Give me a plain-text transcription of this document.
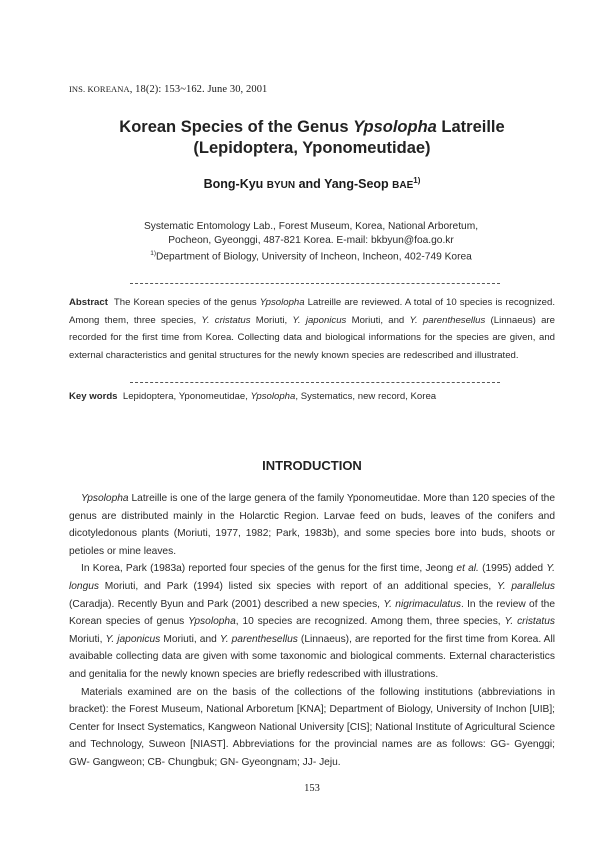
INS. KOREANA, 18(2): 153~162. June 30, 2001
Korean Species of the Genus Ypsolopha Latreille
(Lepidoptera, Yponomeutidae)
Bong-Kyu BYUN and Yang-Seop BAE$^{1)}$
Systematic Entomology Lab., Forest Museum, Korea, National Arboretum,
Pocheon, Gyeonggi, 487-821 Korea. E-mail: bkbyun@foa.go.kr
$^{1)}$Department of Biology, University of Incheon, Incheon, 402-749 Korea
Abstract The Korean species of the genus Ypsolopha Latreille are reviewed. A total of 10 species is recognized. Among them, three species, Y. cristatus Moriuti, Y. japonicus Moriuti, and Y. parenthesellus (Linnaeus) are recorded for the first time from Korea. Collecting data and biological informations for the species are given, and external characteristics and genital structures for the newly known species are redescribed and illustrated.
Key words Lepidoptera, Yponomeutidae, Ypsolopha, Systematics, new record, Korea
INTRODUCTION

Ypsolopha Latreille is one of the large genera of the family Yponomeutidae. More than 120 species of the genus are distributed mainly in the Holarctic Region. Larvae feed on buds, leaves of the conifers and dicotyledonous plants (Moriuti, 1977, 1982; Park, 1983b), and some species bore into buds, shoots or petioles or mine leaves.

In Korea, Park (1983a) reported four species of the genus for the first time, Jeong et al. (1995) added Y. longus Moriuti, and Park (1994) listed six species with report of an additional species, Y. parallelus (Caradja). Recently Byun and Park (2001) described a new species, Y. nigrimaculatus. In the review of the Korean species of genus Ypsolopha, 10 species are recognized. Among them, three species, Y. cristatus Moriuti, Y. japonicus Moriuti, and Y. parenthesellus (Linnaeus), are reported for the first time from Korea. All avaibable collecting data are given with some taxonomic and biological comments. External characteristics and genitalia for the newly known species are briefly redescribed with illustrations.

Materials examined are on the basis of the collections of the following institutions (abbreviations in bracket): the Forest Museum, National Arboretum [KNA]; Department of Biology, University of Inchon [UIB]; Center for Insect Systematics, Kangweon National University [CIS]; National Institute of Agricultural Science and Technology, Suweon [NIAST]. Abbreviations for the provincial names are as follows: GG- Gyenggi; GW- Gangweon; CB- Chungbuk; GN- Gyeongnam; JJ- Jeju.

153
